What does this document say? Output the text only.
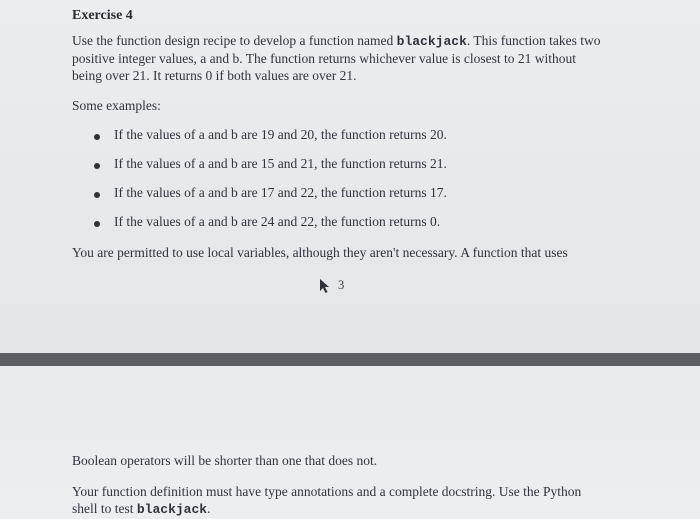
Exercise 4
Use the function design recipe to develop a function named blackjack. This function takes two
positive integer values, a and b. The function returns whichever value is closest to 21 without
being over 21. It returns 0 if both values are over 21.
Some examples:
If the values of a and b are 19 and 20, the function returns 20.
If the values of a and b are 15 and 21, the function returns 21.
If the values of a and b are 17 and 22, the function returns 17.
If the values of a and b are 24 and 22, the function returns 0.
You are permitted to use local variables, although they aren't necessary. A function that uses
3
Boolean operators will be shorter than one that does not.
Your function definition must have type annotations and a complete docstring. Use the Python
shell to test blackjack.
